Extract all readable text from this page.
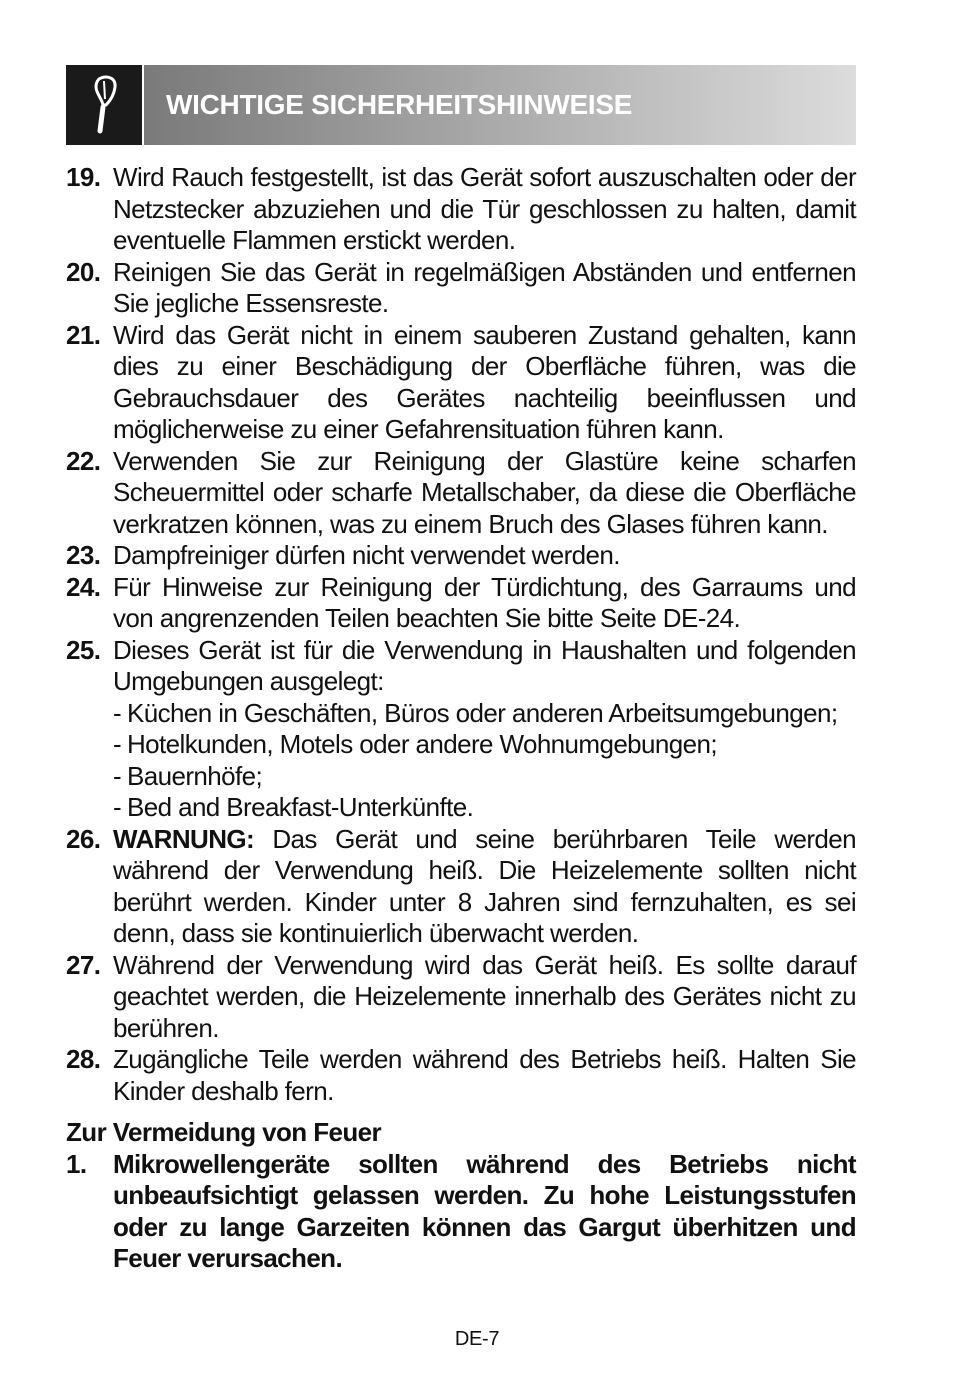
WICHTIGE SICHERHEITSHINWEISE
19. Wird Rauch festgestellt, ist das Gerät sofort auszuschalten oder der Netzstecker abzuziehen und die Tür geschlossen zu halten, damit eventuelle Flammen erstickt werden.
20. Reinigen Sie das Gerät in regelmäßigen Abständen und entfernen Sie jegliche Essensreste.
21. Wird das Gerät nicht in einem sauberen Zustand gehalten, kann dies zu einer Beschädigung der Oberfläche führen, was die Gebrauchsdauer des Gerätes nachteilig beeinflussen und möglicherweise zu einer Gefahrensituation führen kann.
22. Verwenden Sie zur Reinigung der Glastüre keine scharfen Scheuermittel oder scharfe Metallschaber, da diese die Oberfläche verkratzen können, was zu einem Bruch des Glases führen kann.
23. Dampfreiniger dürfen nicht verwendet werden.
24. Für Hinweise zur Reinigung der Türdichtung, des Garraums und von angrenzenden Teilen beachten Sie bitte Seite DE-24.
25. Dieses Gerät ist für die Verwendung in Haushalten und folgenden Umgebungen ausgelegt:
- Küchen in Geschäften, Büros oder anderen Arbeitsumgebungen;
- Hotelkunden, Motels oder andere Wohnumgebungen;
- Bauernhöfe;
- Bed and Breakfast-Unterkünfte.
26. WARNUNG: Das Gerät und seine berührbaren Teile werden während der Verwendung heiß. Die Heizelemente sollten nicht berührt werden. Kinder unter 8 Jahren sind fernzuhalten, es sei denn, dass sie kontinuierlich überwacht werden.
27. Während der Verwendung wird das Gerät heiß. Es sollte darauf geachtet werden, die Heizelemente innerhalb des Gerätes nicht zu berühren.
28. Zugängliche Teile werden während des Betriebs heiß. Halten Sie Kinder deshalb fern.
Zur Vermeidung von Feuer
1.	Mikrowellengeräte sollten während des Betriebs nicht unbeaufsichtigt gelassen werden. Zu hohe Leistungsstufen oder zu lange Garzeiten können das Gargut überhitzen und Feuer verursachen.
DE-7
